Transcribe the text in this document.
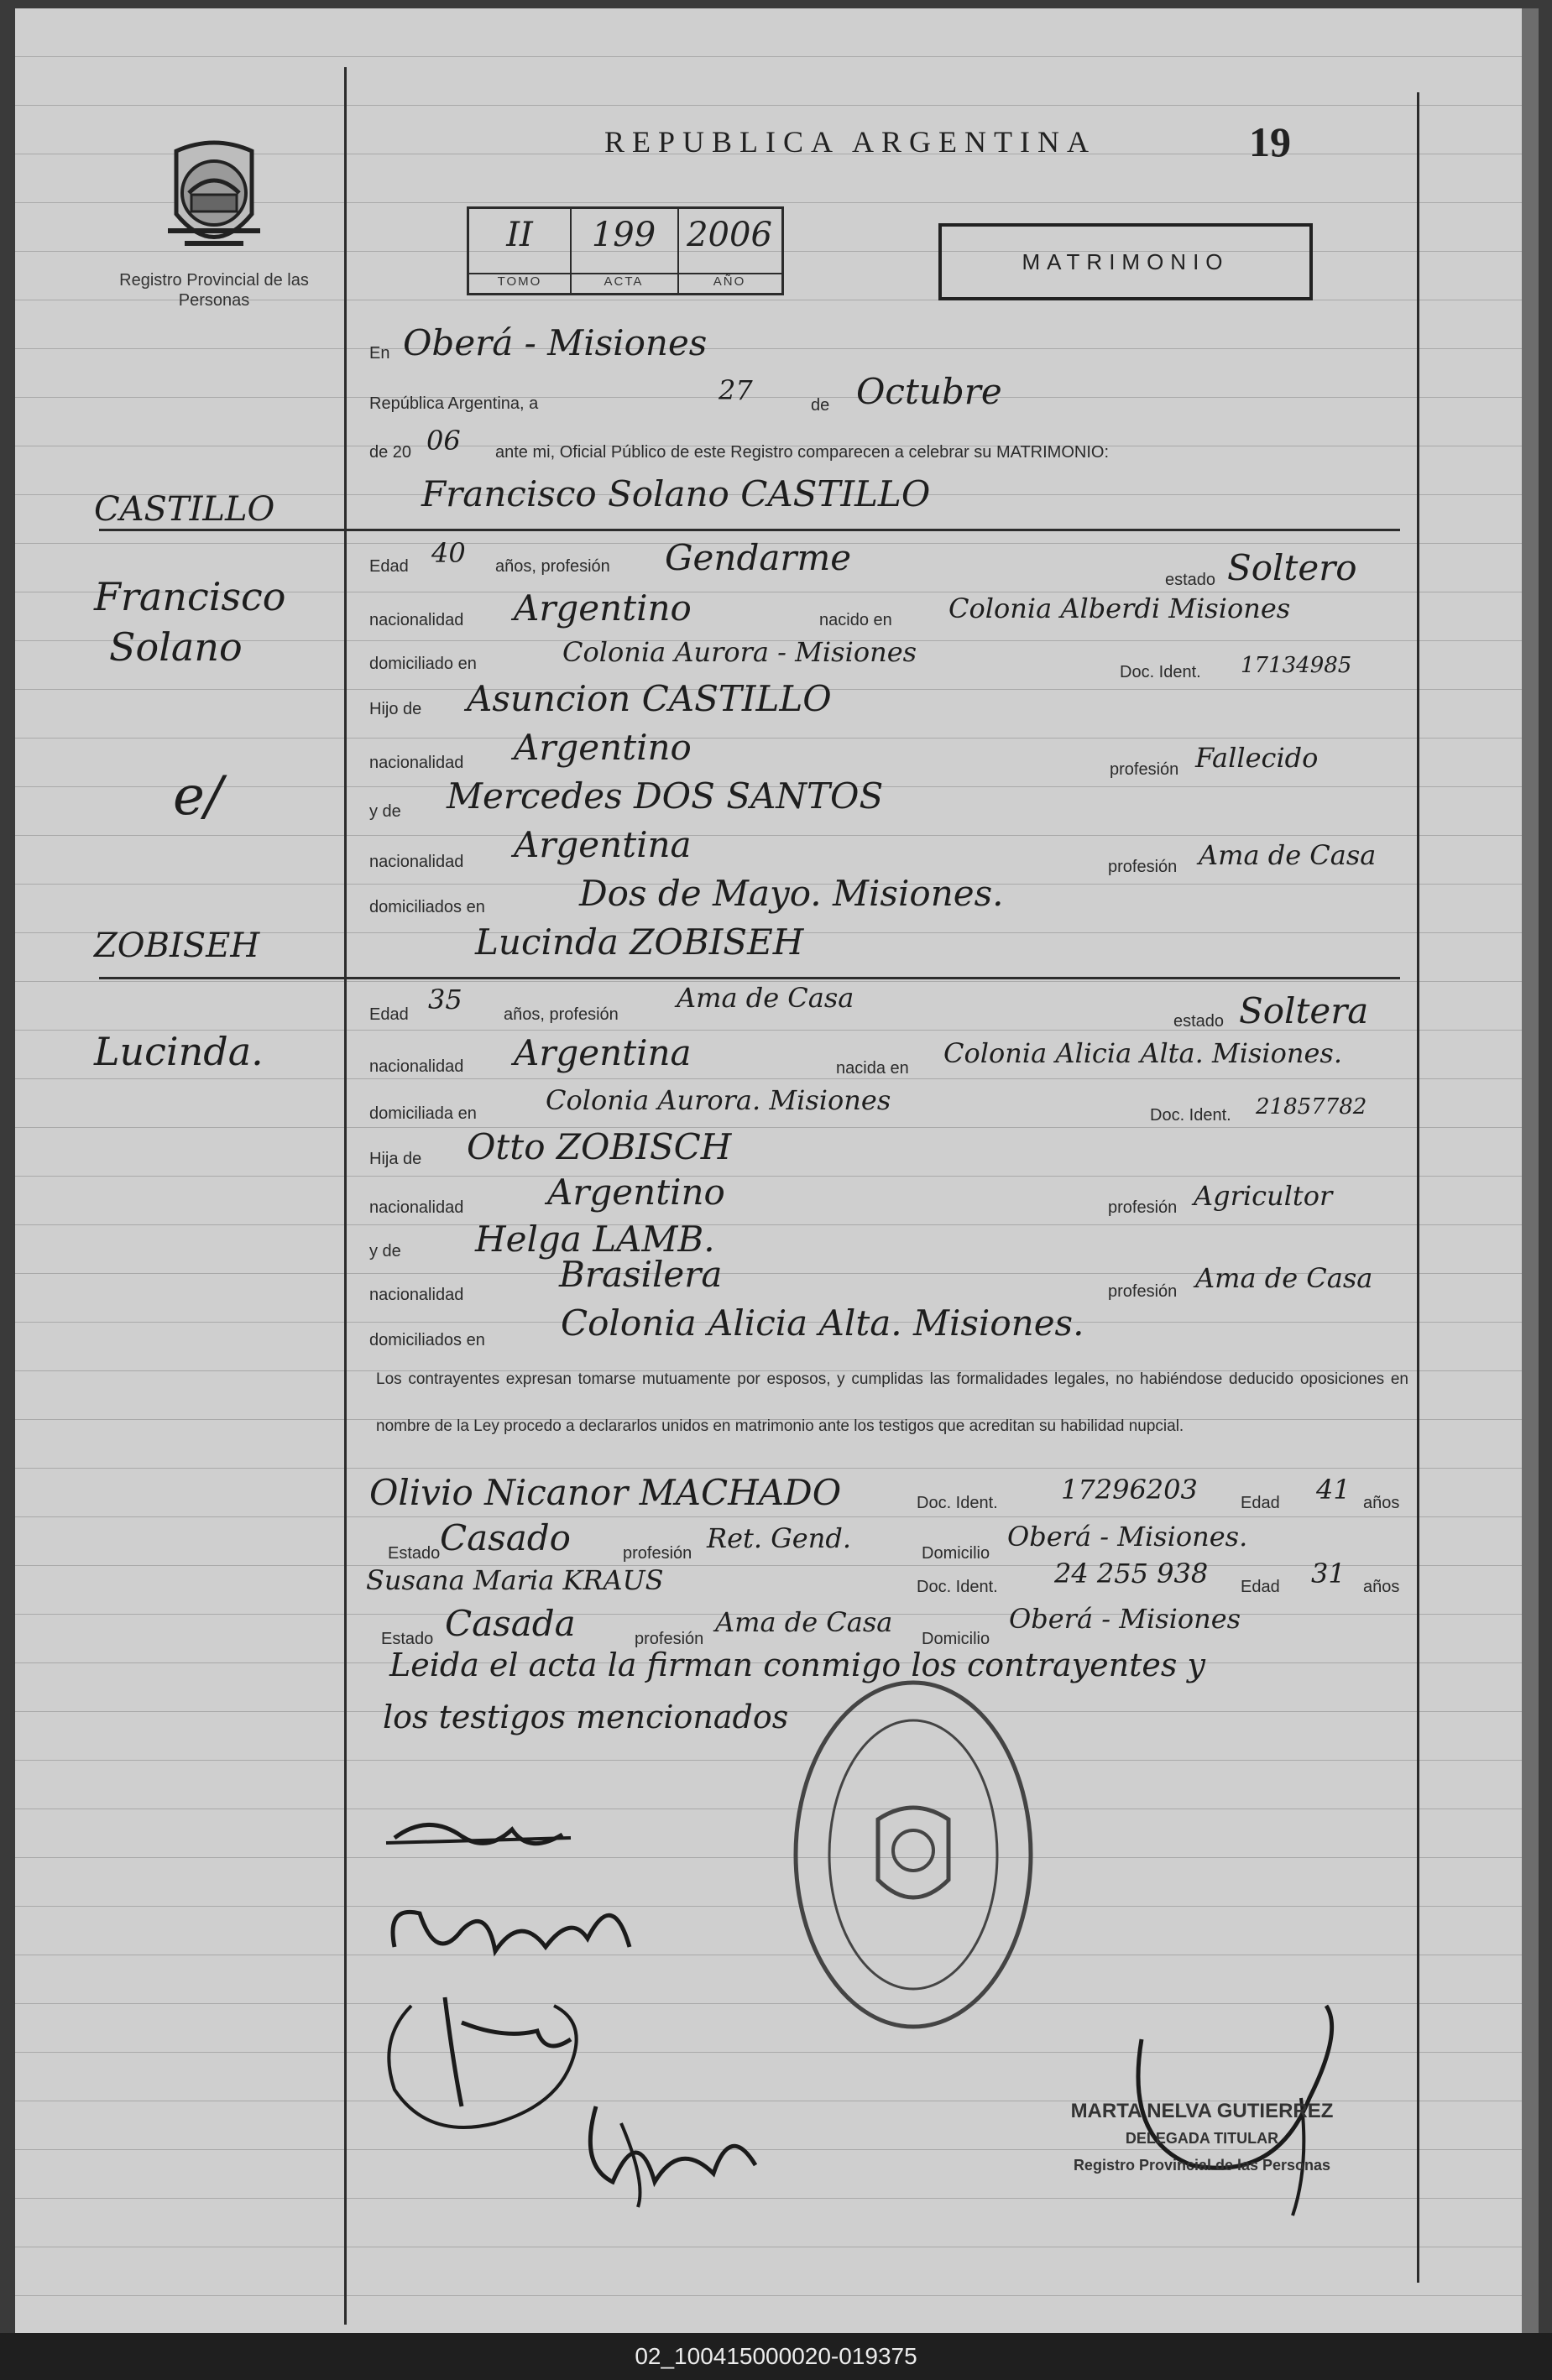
Registro Provincial de las Personas
REPUBLICA ARGENTINA	19
II
TOMO
199
ACTA
2006
AÑO
MATRIMONIO
En Oberá - Misiones
República Argentina, a	27	de Octubre
de 20 06 ante mi, Oficial Público de este Registro comparecen a celebrar su MATRIMONIO:
CASTILLO
Francisco
Solano
e/
ZOBISEH
Lucinda.
Francisco Solano CASTILLO
Edad 40 años, profesión Gendarme
estado Soltero
nacionalidad Argentino	nacido en Colonia Alberdi Misiones
domiciliado en	Colonia Aurora - Misiones
Doc. Ident. 17134985
Hijo de Asuncion CASTILLO
nacionalidad Argentino
profesión Fallecido
y de Mercedes DOS SANTOS
nacionalidad Argentina
profesión Ama de Casa
domiciliados en	Dos de Mayo. Misiones.
Lucinda ZOBISEH
Edad 35 años, profesión
Ama de Casa
estado Soltera
nacionalidad Argentina	nacida en Colonia Alicia Alta. Misiones.
domiciliada en	Colonia Aurora. Misiones	Doc. Ident. 21857782
Hija de Otto ZOBISCH
nacionalidad Argentino	profesión Agricultor
y de Helga LAMB.
nacionalidad	Brasilera	profesión Ama de Casa
domiciliados en Colonia Alicia Alta. Misiones.
Los contrayentes expresan tomarse mutuamente por esposos, y cumplidas las formalidades legales, no habiéndose deducido oposiciones en nombre de la Ley procedo a declararlos unidos en matrimonio ante los testigos que acreditan su habilidad nupcial.
Olivio Nicanor MACHADO	Doc. Ident. 17296203	Edad 41 años
Estado Casado	profesión Ret. Gend.	Domicilio
Oberá - Misiones.
Susana Maria KRAUS	Doc. Ident. 24 255 938 Edad 31 años
Estado Casada	profesión
Ama de Casa
Domicilio
Oberá - Misiones
Leida el acta la firman conmigo los contrayentes y
los testigos mencionados
MARTA NELVA GUTIERREZ
DELEGADA TITULAR
Registro Provincial de las Personas
02_100415000020-019375
